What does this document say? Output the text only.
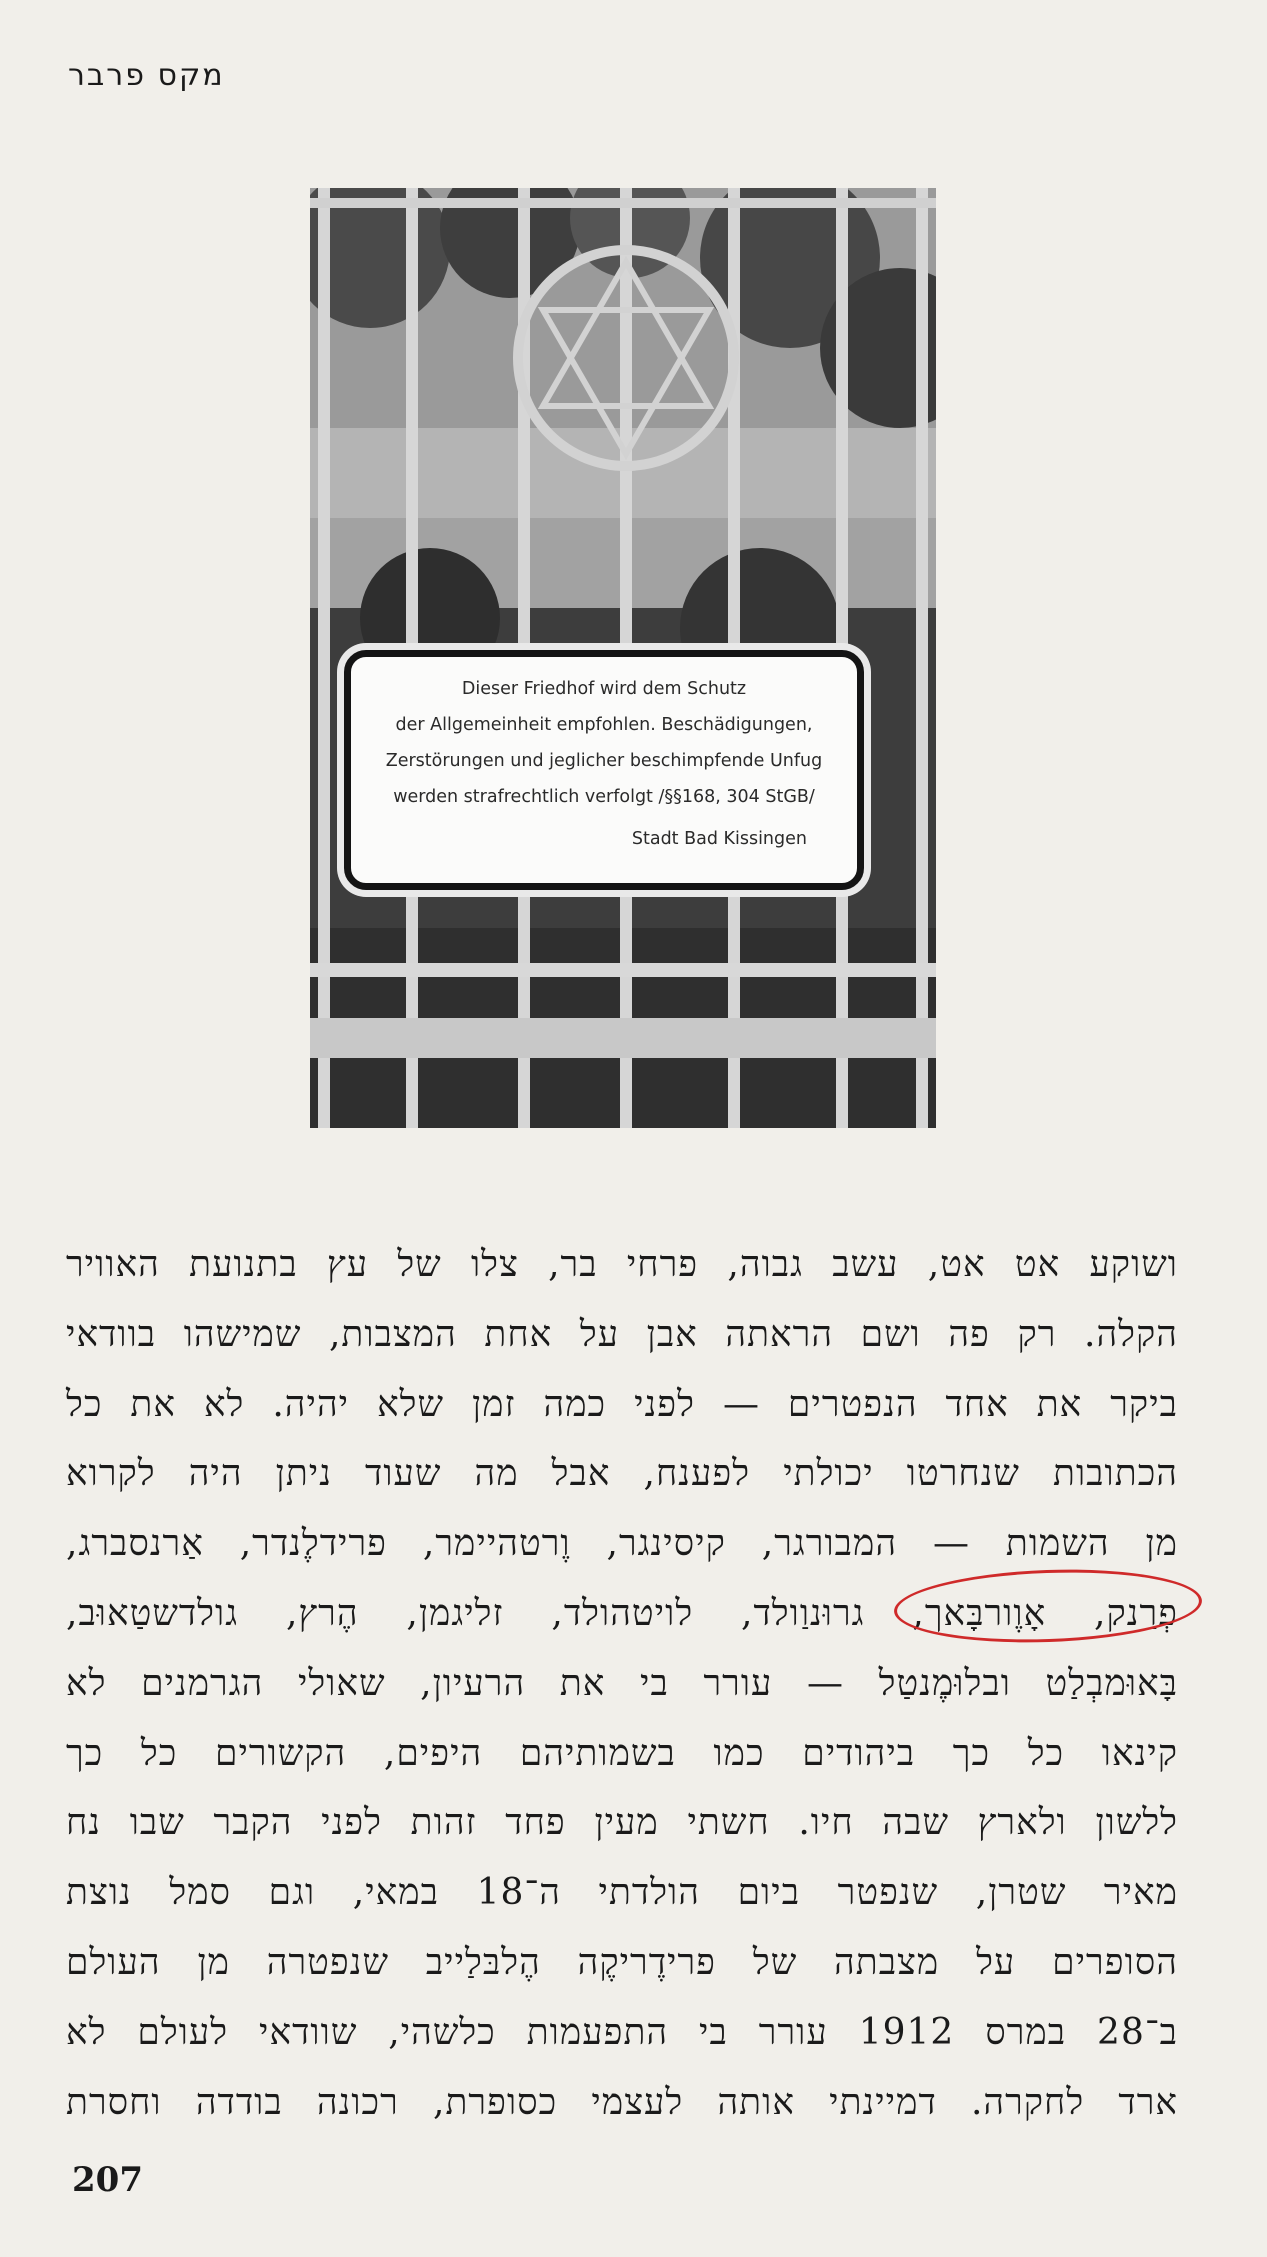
מקס פרבר
Dieser Friedhof wird dem Schutz
der Allgemeinheit empfohlen. Beschädigungen,
Zerstörungen und jeglicher beschimpfende Unfug
werden strafrechtlich verfolgt /§§168, 304 StGB/
Stadt Bad Kissingen
ושוקע אט אט, עשב גבוה, פרחי בר, צלו של עץ בתנועת האוויר
הקלה. רק פה ושם הראתה אבן על אחת המצבות, שמישהו בוודאי
ביקר את אחד הנפטרים — לפני כמה זמן שלא יהיה. לא את כל
הכתובות שנחרטו יכולתי לפענח, אבל מה שעוד ניתן היה לקרוא
מן השמות — המבורגר, קיסינגר, וֶרטהיימר, פרידלֶנדר, אַרנסברג,
פְרַנק, אָוֶורבָּאך, גרוּנוַולד, לויטהולד, זליגמן, הֶרץ, גולדשטַאוּב,
בָּאוּמבְלַט ובלוּמֶנטַל — עורר בי את הרעיון, שאולי הגרמנים לא
קינאו כל כך ביהודים כמו בשמותיהם היפים, הקשורים כל כך
ללשון ולארץ שבה חיו. חשתי מעין פחד זהות לפני הקבר שבו נח
מאיר שטרן, שנפטר ביום הולדתי ה־18 במאי, וגם סמל נוצת
הסופרים על מצבתה של פרידֶריקֶה הֶלבּלַייב שנפטרה מן העולם
ב־28 במרס 1912 עורר בי התפעמות כלשהי, שוודאי לעולם לא
ארד לחקרה. דמיינתי אותה לעצמי כסופרת, רכונה בודדה וחסרת
207
